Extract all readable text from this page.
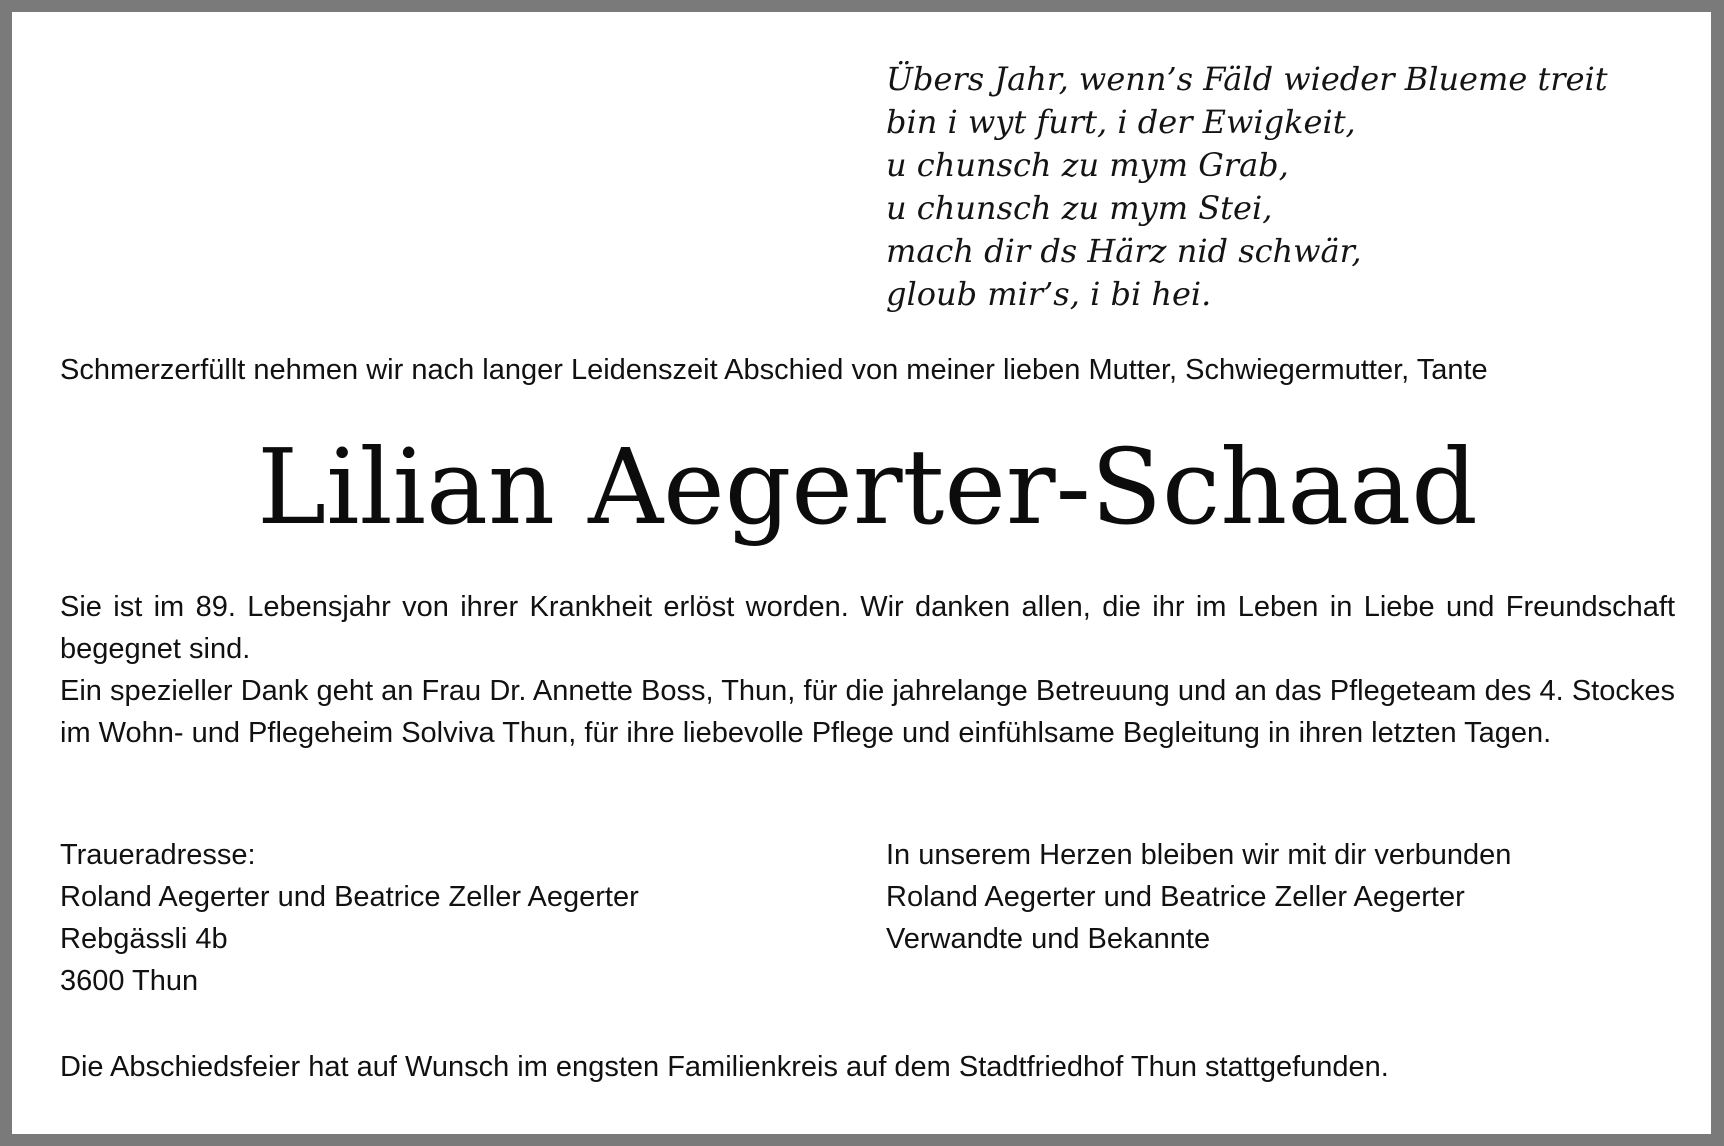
Übers Jahr, wenn’s Fäld wieder Blueme treit
bin i wyt furt, i der Ewigkeit,
u chunsch zu mym Grab,
u chunsch zu mym Stei,
mach dir ds Härz nid schwär,
gloub mir’s, i bi hei.
Schmerzerfüllt nehmen wir nach langer Leidenszeit Abschied von meiner lieben Mutter, Schwiegermutter, Tante
Lilian Aegerter-Schaad

Sie ist im 89. Lebensjahr von ihrer Krankheit erlöst worden. Wir danken allen, die ihr im Leben in Liebe und Freundschaft begegnet sind.

Ein spezieller Dank geht an Frau Dr. Annette Boss, Thun, für die jahrelange Betreuung und an das Pflegeteam des 4. Stockes im Wohn- und Pflegeheim Solviva Thun, für ihre liebevolle Pflege und einfühlsame Begleitung in ihren letzten Tagen.

Traueradresse:
Roland Aegerter und Beatrice Zeller Aegerter
Rebgässli 4b
3600 Thun
In unserem Herzen bleiben wir mit dir verbunden
Roland Aegerter und Beatrice Zeller Aegerter
Verwandte und Bekannte
Die Abschiedsfeier hat auf Wunsch im engsten Familienkreis auf dem Stadtfriedhof Thun stattgefunden.
